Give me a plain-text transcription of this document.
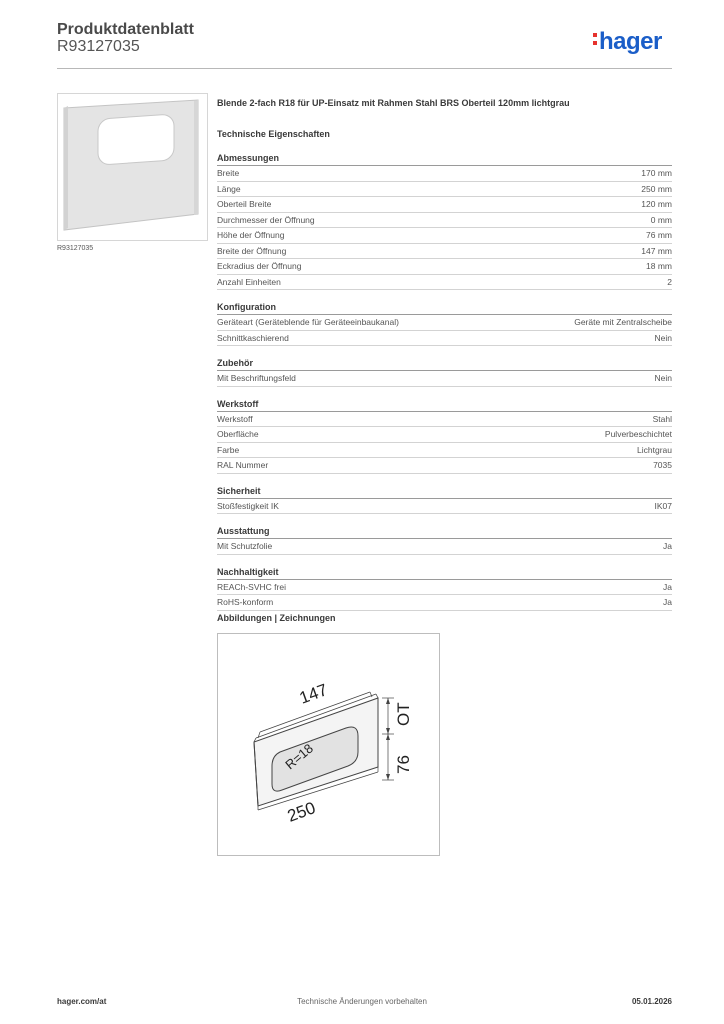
Produktdatenblatt
R93127035	hager
R93127035
Blende 2-fach R18 für UP-Einsatz mit Rahmen Stahl BRS Oberteil 120mm lichtgrau
Technische Eigenschaften
Abmessungen
Breite	170 mm
Länge	250 mm
Oberteil Breite	120 mm
Durchmesser der Öffnung	0 mm
Höhe der Öffnung	76 mm
Breite der Öffnung	147 mm
Eckradius der Öffnung	18 mm
Anzahl Einheiten	2
Konfiguration
Geräteart (Geräteblende für Geräteeinbaukanal)	Geräte mit Zentralscheibe
Schnittkaschierend	Nein
Zubehör
Mit Beschriftungsfeld	Nein
Werkstoff
Werkstoff	Stahl
Oberfläche	Pulverbeschichtet
Farbe	Lichtgrau
RAL Nummer	7035
Sicherheit
Stoßfestigkeit IK	IK07
Ausstattung
Mit Schutzfolie	Ja
Nachhaltigkeit
REACh-SVHC frei	Ja
RoHS-konform	Ja
Abbildungen | Zeichnungen
147
250
R=18
OT
76
hager.com/at	Technische Änderungen vorbehalten	05.01.2026
